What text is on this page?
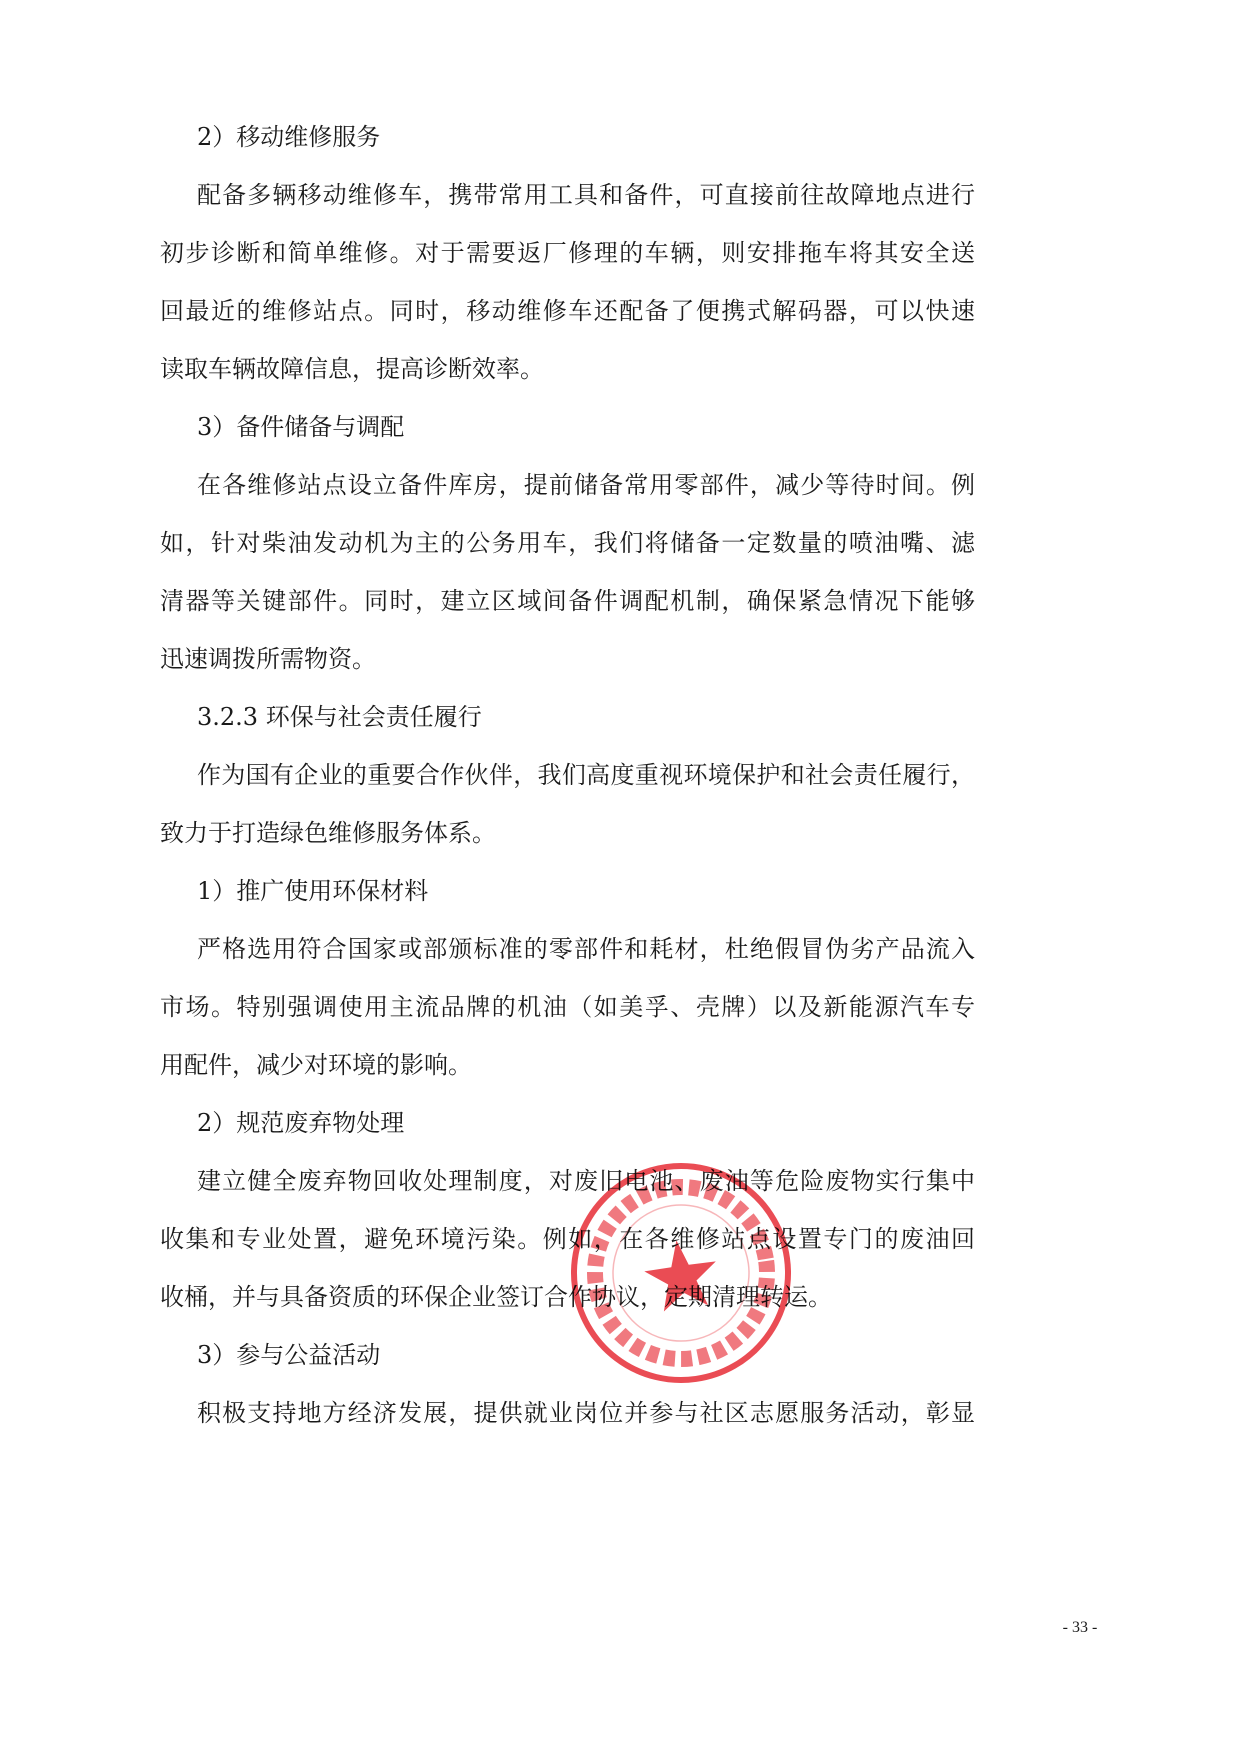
2）移动维修服务
配备多辆移动维修车，携带常用工具和备件，可直接前往故障地点进行
初步诊断和简单维修。对于需要返厂修理的车辆，则安排拖车将其安全送
回最近的维修站点。同时，移动维修车还配备了便携式解码器，可以快速
读取车辆故障信息，提高诊断效率。
3）备件储备与调配
在各维修站点设立备件库房，提前储备常用零部件，减少等待时间。例
如，针对柴油发动机为主的公务用车，我们将储备一定数量的喷油嘴、滤
清器等关键部件。同时，建立区域间备件调配机制，确保紧急情况下能够
迅速调拨所需物资。
3.2.3 环保与社会责任履行
作为国有企业的重要合作伙伴，我们高度重视环境保护和社会责任履行，
致力于打造绿色维修服务体系。
1）推广使用环保材料
严格选用符合国家或部颁标准的零部件和耗材，杜绝假冒伪劣产品流入
市场。特别强调使用主流品牌的机油（如美孚、壳牌）以及新能源汽车专
用配件，减少对环境的影响。
2）规范废弃物处理
建立健全废弃物回收处理制度，对废旧电池、废油等危险废物实行集中
收集和专业处置，避免环境污染。例如，在各维修站点设置专门的废油回
收桶，并与具备资质的环保企业签订合作协议，定期清理转运。
3）参与公益活动
积极支持地方经济发展，提供就业岗位并参与社区志愿服务活动，彰显
- 33 -
